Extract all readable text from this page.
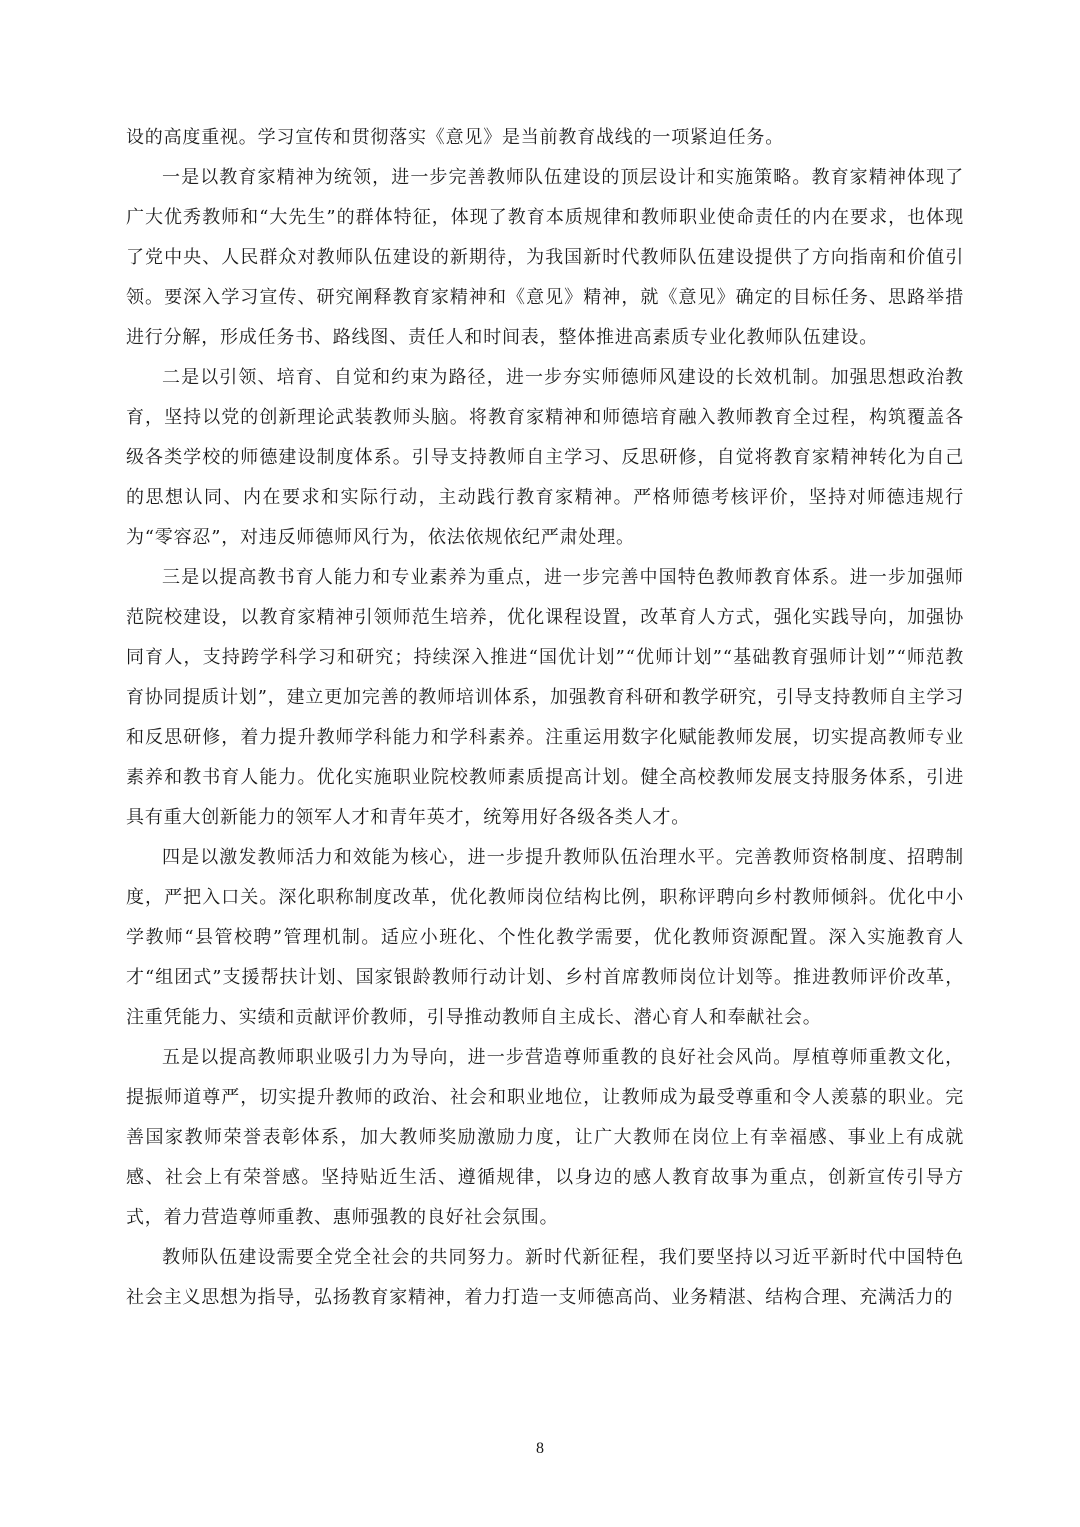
设的高度重视。学习宣传和贯彻落实《意见》是当前教育战线的一项紧迫任务。

一是以教育家精神为统领，进一步完善教师队伍建设的顶层设计和实施策略。教育家精神体现了广大优秀教师和“大先生”的群体特征，体现了教育本质规律和教师职业使命责任的内在要求，也体现了党中央、人民群众对教师队伍建设的新期待，为我国新时代教师队伍建设提供了方向指南和价值引领。要深入学习宣传、研究阐释教育家精神和《意见》精神，就《意见》确定的目标任务、思路举措进行分解，形成任务书、路线图、责任人和时间表，整体推进高素质专业化教师队伍建设。

二是以引领、培育、自觉和约束为路径，进一步夯实师德师风建设的长效机制。加强思想政治教育，坚持以党的创新理论武装教师头脑。将教育家精神和师德培育融入教师教育全过程，构筑覆盖各级各类学校的师德建设制度体系。引导支持教师自主学习、反思研修，自觉将教育家精神转化为自己的思想认同、内在要求和实际行动，主动践行教育家精神。严格师德考核评价，坚持对师德违规行为“零容忍”，对违反师德师风行为，依法依规依纪严肃处理。

三是以提高教书育人能力和专业素养为重点，进一步完善中国特色教师教育体系。进一步加强师范院校建设，以教育家精神引领师范生培养，优化课程设置，改革育人方式，强化实践导向，加强协同育人，支持跨学科学习和研究；持续深入推进“国优计划”“优师计划”“基础教育强师计划”“师范教育协同提质计划”，建立更加完善的教师培训体系，加强教育科研和教学研究，引导支持教师自主学习和反思研修，着力提升教师学科能力和学科素养。注重运用数字化赋能教师发展，切实提高教师专业素养和教书育人能力。优化实施职业院校教师素质提高计划。健全高校教师发展支持服务体系，引进具有重大创新能力的领军人才和青年英才，统筹用好各级各类人才。

四是以激发教师活力和效能为核心，进一步提升教师队伍治理水平。完善教师资格制度、招聘制度，严把入口关。深化职称制度改革，优化教师岗位结构比例，职称评聘向乡村教师倾斜。优化中小学教师“县管校聘”管理机制。适应小班化、个性化教学需要，优化教师资源配置。深入实施教育人才“组团式”支援帮扶计划、国家银龄教师行动计划、乡村首席教师岗位计划等。推进教师评价改革，注重凭能力、实绩和贡献评价教师，引导推动教师自主成长、潜心育人和奉献社会。

五是以提高教师职业吸引力为导向，进一步营造尊师重教的良好社会风尚。厚植尊师重教文化，提振师道尊严，切实提升教师的政治、社会和职业地位，让教师成为最受尊重和令人羡慕的职业。完善国家教师荣誉表彰体系，加大教师奖励激励力度，让广大教师在岗位上有幸福感、事业上有成就感、社会上有荣誉感。坚持贴近生活、遵循规律，以身边的感人教育故事为重点，创新宣传引导方式，着力营造尊师重教、惠师强教的良好社会氛围。

教师队伍建设需要全党全社会的共同努力。新时代新征程，我们要坚持以习近平新时代中国特色社会主义思想为指导，弘扬教育家精神，着力打造一支师德高尚、业务精湛、结构合理、充满活力的

8
